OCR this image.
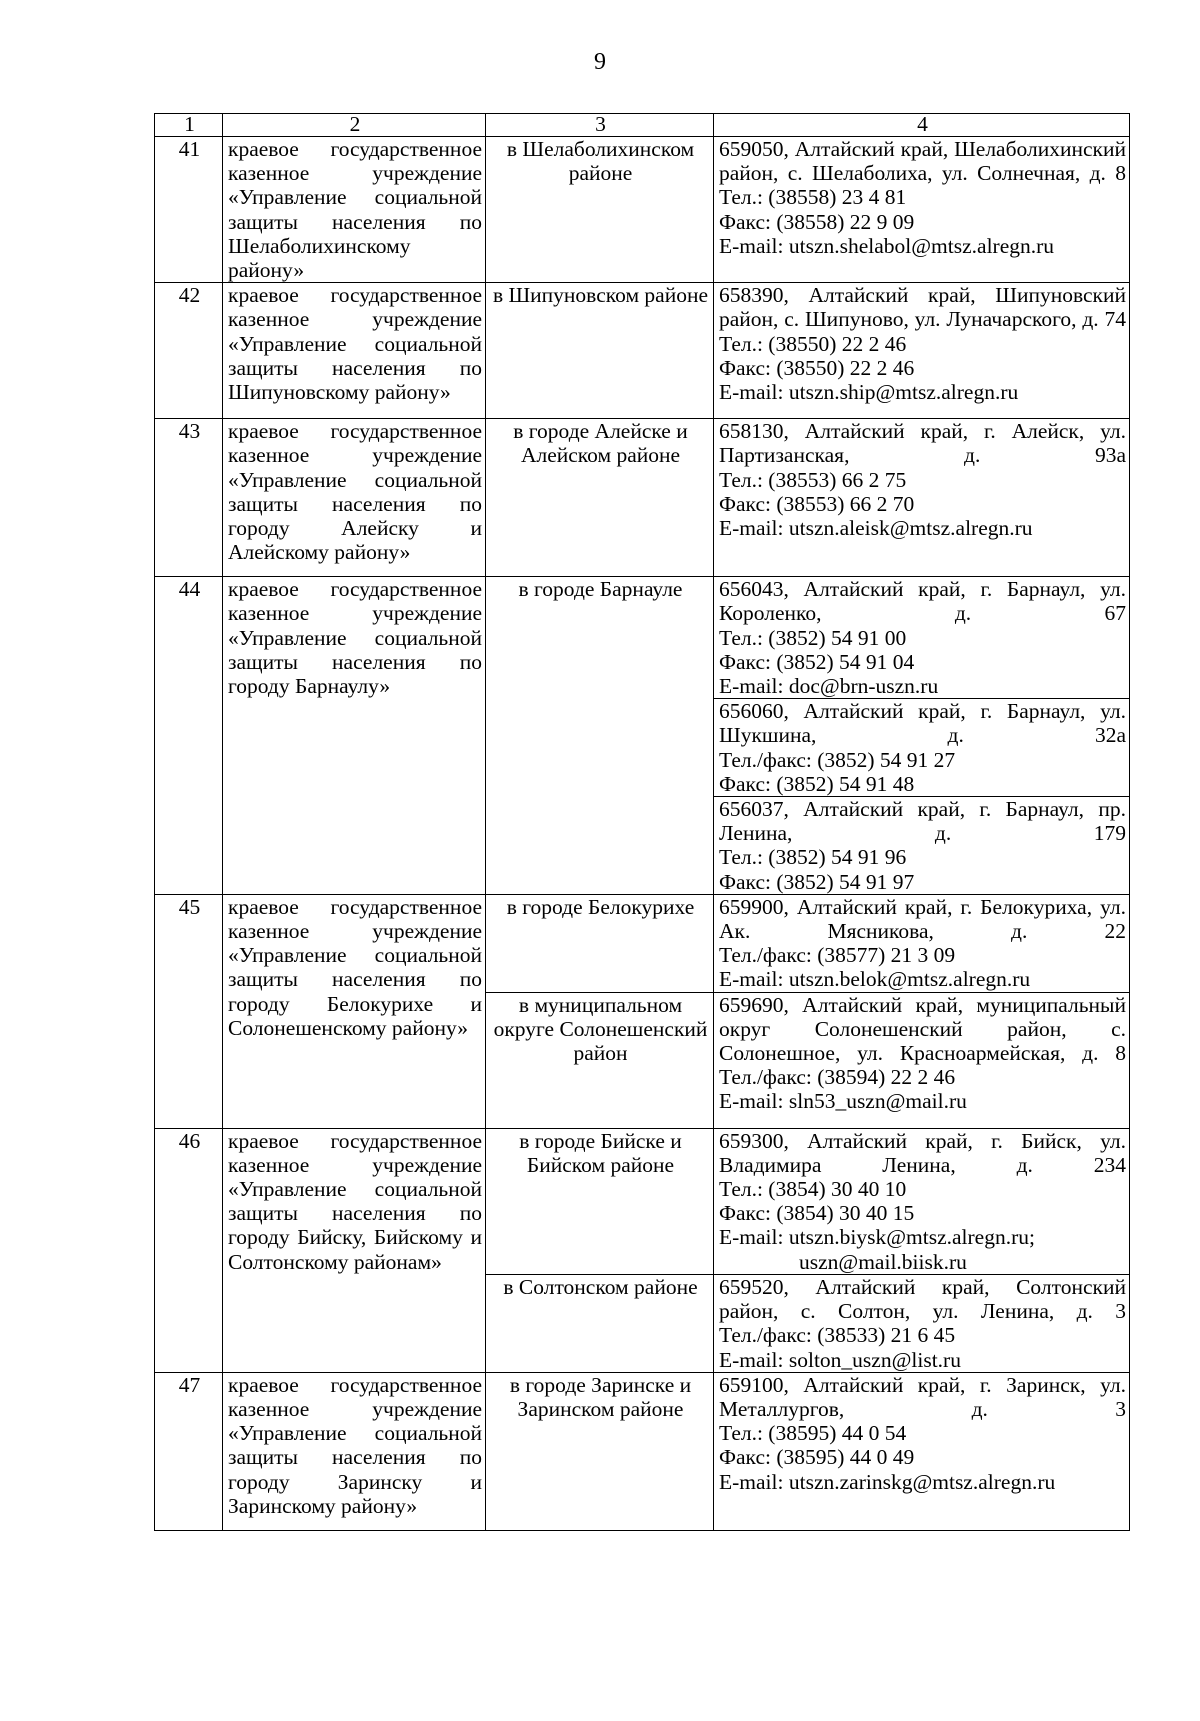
9
1	2	3	4
41	краевое государственное казенное учреждение «Управление социальной защиты населения по Шелаболихинскому району»	в Шелаболихинском районе	659050, Алтайский край, Шелаболихинский район, с. Шелаболиха, ул. Солнечная, д. 8
Тел.: (38558) 23 4 81
Факс: (38558) 22 9 09
E-mail: utszn.shelabol@mtsz.alregn.ru

42	краевое государственное казенное учреждение «Управление социальной защиты населения по Шипуновскому району»	в Шипуновском районе	658390, Алтайский край, Шипуновский район, с. Шипуново, ул. Луначарского, д. 74
Тел.: (38550) 22 2 46
Факс: (38550) 22 2 46
E-mail: utszn.ship@mtsz.alregn.ru

43	краевое государственное казенное учреждение «Управление социальной защиты населения по городу Алейску и Алейскому району»	в городе Алейске и Алейском районе	658130, Алтайский край, г. Алейск, ул. Партизанская, д. 93а
Тел.: (38553) 66 2 75
Факс: (38553) 66 2 70
E-mail: utszn.aleisk@mtsz.alregn.ru

44	краевое государственное казенное учреждение «Управление социальной защиты населения по городу Барнаулу»	в городе Барнауле	656043, Алтайский край, г. Барнаул, ул. Короленко, д. 67
Тел.: (3852) 54 91 00
Факс: (3852) 54 91 04
E-mail: doc@brn-uszn.ru

			656060, Алтайский край, г. Барнаул, ул. Шукшина, д. 32а
Тел./факс: (3852) 54 91 27
Факс: (3852) 54 91 48

			656037, Алтайский край, г. Барнаул, пр. Ленина, д. 179
Тел.: (3852) 54 91 96
Факс: (3852) 54 91 97

45	краевое государственное казенное учреждение «Управление социальной защиты населения по городу Белокурихе и Солонешенскому району»	в городе Белокурихе	659900, Алтайский край, г. Белокуриха, ул. Ак. Мясникова, д. 22
Тел./факс: (38577) 21 3 09
E-mail: utszn.belok@mtsz.alregn.ru

		в муниципальном округе Солонешенский район	659690, Алтайский край, муниципальный округ Солонешенский район, с. Солонешное, ул. Красноармейская, д. 8
Тел./факс: (38594) 22 2 46
E-mail: sln53_uszn@mail.ru

46	краевое государственное казенное учреждение «Управление социальной защиты населения по городу Бийску, Бийскому и Солтонскому районам»	в городе Бийске и Бийском районе	659300, Алтайский край, г. Бийск, ул. Владимира Ленина, д. 234
Тел.: (3854) 30 40 10
Факс: (3854) 30 40 15
E-mail: utszn.biysk@mtsz.alregn.ru;
uszn@mail.biisk.ru

		в Солтонском районе	659520, Алтайский край, Солтонский район, с. Солтон, ул. Ленина, д. 3
Тел./факс: (38533) 21 6 45
E-mail: solton_uszn@list.ru

47	краевое государственное казенное учреждение «Управление социальной защиты населения по городу Заринску и Заринскому району»	в городе Заринске и Заринском районе	659100, Алтайский край, г. Заринск, ул. Металлургов, д. 3
Тел.: (38595) 44 0 54
Факс: (38595) 44 0 49
E-mail: utszn.zarinskg@mtsz.alregn.ru
